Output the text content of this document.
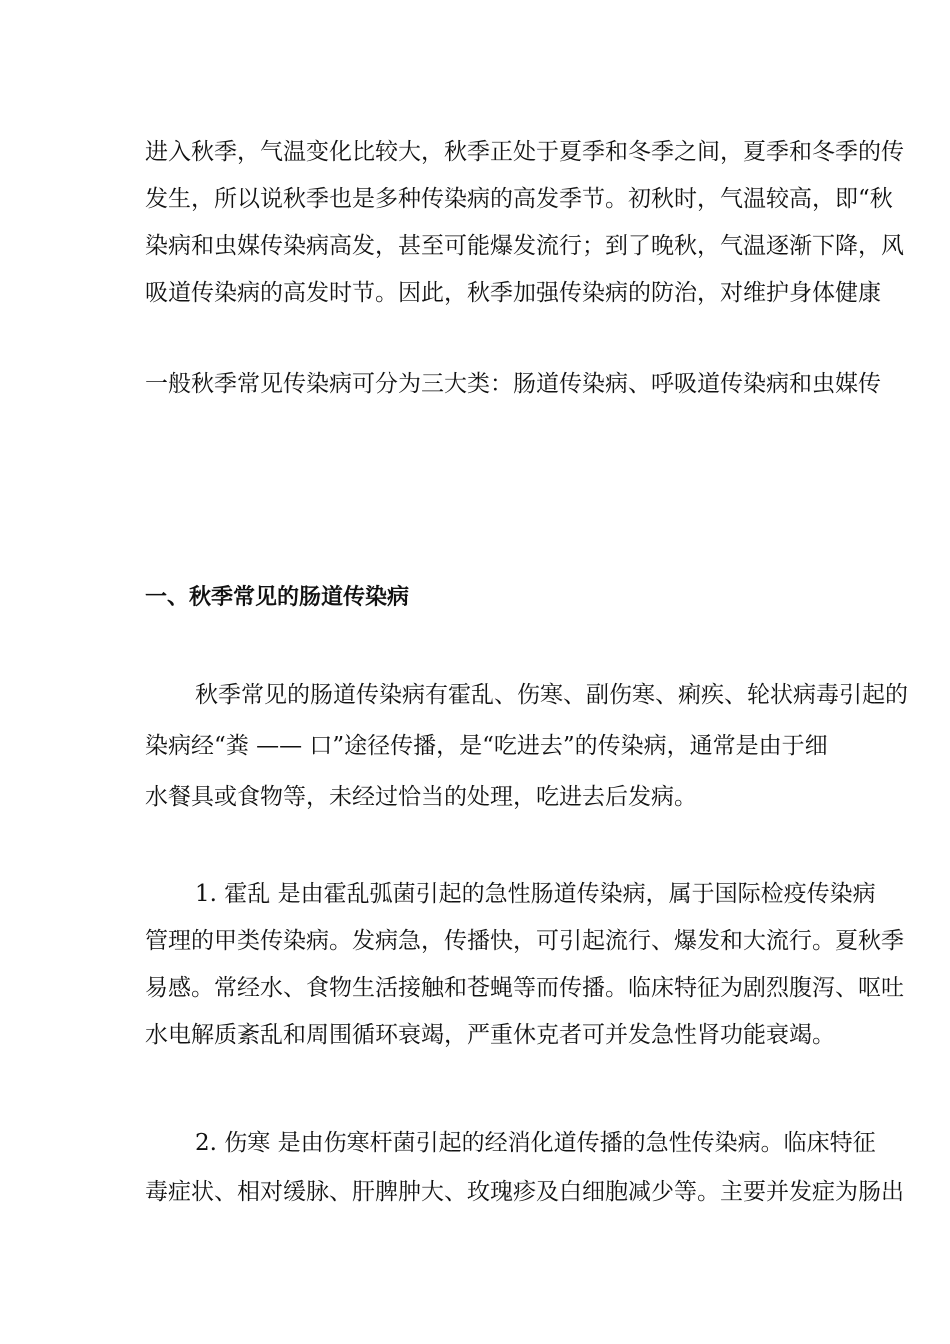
进入秋季，气温变化比较大，秋季正处于夏季和冬季之间，夏季和冬季的传
发生，所以说秋季也是多种传染病的高发季节。初秋时，气温较高，即“秋
染病和虫媒传染病高发，甚至可能爆发流行；到了晚秋，气温逐渐下降，风
吸道传染病的高发时节。因此，秋季加强传染病的防治，对维护身体健康
一般秋季常见传染病可分为三大类：肠道传染病、呼吸道传染病和虫媒传
一、秋季常见的肠道传染病
秋季常见的肠道传染病有霍乱、伤寒、副伤寒、痢疾、轮状病毒引起的
染病经“粪 —— 口”途径传播，是“吃进去”的传染病，通常是由于细
水餐具或食物等，未经过恰当的处理，吃进去后发病。
1. 霍乱 是由霍乱弧菌引起的急性肠道传染病，属于国际检疫传染病
管理的甲类传染病。发病急，传播快，可引起流行、爆发和大流行。夏秋季
易感。常经水、食物生活接触和苍蝇等而传播。临床特征为剧烈腹泻、呕吐
水电解质紊乱和周围循环衰竭，严重休克者可并发急性肾功能衰竭。
2. 伤寒 是由伤寒杆菌引起的经消化道传播的急性传染病。临床特征
毒症状、相对缓脉、肝脾肿大、玫瑰疹及白细胞减少等。主要并发症为肠出
